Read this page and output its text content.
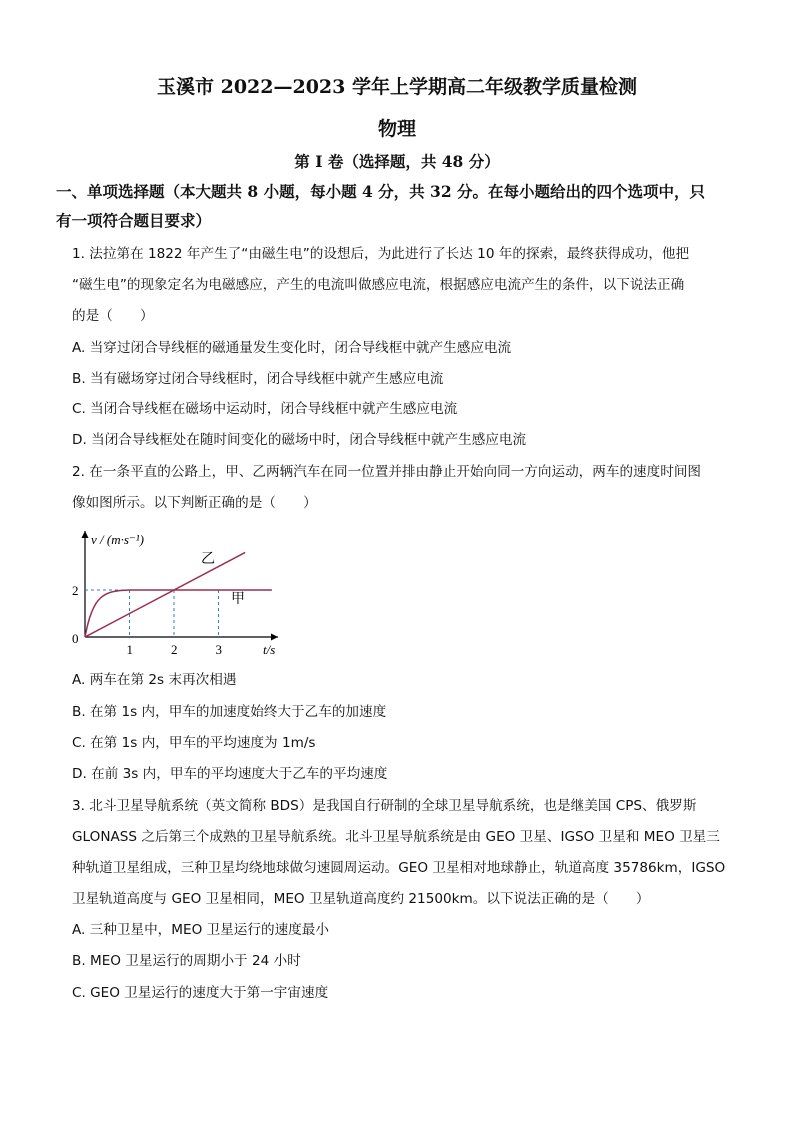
玉溪市 2022—2023 学年上学期高二年级教学质量检测
物理
第 I 卷（选择题，共 48 分）
一、单项选择题（本大题共 8 小题，每小题 4 分，共 32 分。在每小题给出的四个选项中，只
有一项符合题目要求）
1. 法拉第在 1822 年产生了“由磁生电”的设想后，为此进行了长达 10 年的探索，最终获得成功，他把
“磁生电”的现象定名为电磁感应，产生的电流叫做感应电流，根据感应电流产生的条件，以下说法正确
的是（　　）
A. 当穿过闭合导线框的磁通量发生变化时，闭合导线框中就产生感应电流
B. 当有磁场穿过闭合导线框时，闭合导线框中就产生感应电流
C. 当闭合导线框在磁场中运动时，闭合导线框中就产生感应电流
D. 当闭合导线框处在随时间变化的磁场中时，闭合导线框中就产生感应电流
2. 在一条平直的公路上，甲、乙两辆汽车在同一位置并排由静止开始向同一方向运动，两车的速度时间图
像如图所示。以下判断正确的是（　　）
1	2	3
2
v / (m·s⁻¹)
t/s
0
乙
甲
A. 两车在第 2s 末再次相遇
B. 在第 1s 内，甲车的加速度始终大于乙车的加速度
C. 在第 1s 内，甲车的平均速度为 1m/s
D. 在前 3s 内，甲车的平均速度大于乙车的平均速度
3. 北斗卫星导航系统（英文简称 BDS）是我国自行研制的全球卫星导航系统，也是继美国 CPS、俄罗斯
GLONASS 之后第三个成熟的卫星导航系统。北斗卫星导航系统是由 GEO 卫星、IGSO 卫星和 MEO 卫星三
种轨道卫星组成，三种卫星均绕地球做匀速圆周运动。GEO 卫星相对地球静止，轨道高度 35786km，IGSO
卫星轨道高度与 GEO 卫星相同，MEO 卫星轨道高度约 21500km。以下说法正确的是（　　）
A. 三种卫星中，MEO 卫星运行的速度最小
B. MEO 卫星运行的周期小于 24 小时
C. GEO 卫星运行的速度大于第一宇宙速度
